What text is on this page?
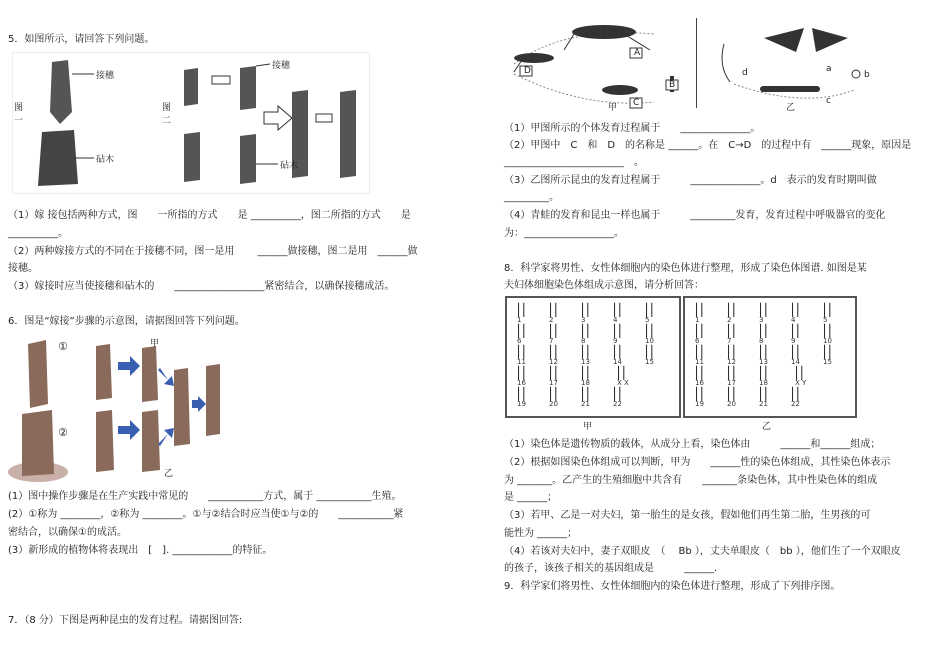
5．如图所示，请回答下列问题。
图一
图二
接穗
砧木
接穗
砧木
（1）嫁 接包括两种方式，图　　一所指的方式　　是 __________，图二所指的方式　　是
__________。
（2）两种嫁接方式的不同在于接穗不同，图一是用　　 ______做接穗，图二是用　______做
接穗。
（3）嫁接时应当使接穗和砧木的　　__________________紧密结合，以确保接穗成活。
6．图是“嫁接”步骤的示意图，请据图回答下列问题。
①
②
甲
乙
(1）图中操作步骤是在生产实践中常见的　　___________方式，属于 ___________生殖。
(2）①称为 ________，②称为 ________。①与②结合时应当使①与②的　　___________紧
密结合，以确保①的成活。
(3）新形成的植物体将表现出　[　]. ____________的特征。
7．（8 分）下图是两种昆虫的发育过程。请据图回答:
A
D
C
B
甲	乙
a
b
c
d
（1）甲图所示的个体发育过程属于　　______________。
（2）甲图中　C　和　D　的名称是 ______。在　C→D　的过程中有　______现象，原因是
________________________　。
（3）乙图所示昆虫的发育过程属于　　　______________。d　表示的发育时期叫做
_________。
（4）青蛙的发育和昆虫一样也属于　　　_________发育，发育过程中呼吸器官的变化
为：__________________。
8．科学家将男性、女性体细胞内的染色体进行整理，形成了染色体图谱. 如图是某
夫妇体细胞染色体组成示意图，请分析回答：
││
1
││
2
││
3
││
4
││
5
││
6
││
7
││
8
││
9
││
10
││
11
││
12
││
13
││
14
││
15
││
16
││
17
││
18
││
19
││
20
││
21
││
22
││
X X
││
1
││
2
││
3
││
4
││
5
││
6
││
7
││
8
││
9
││
10
││
11
││
12
││
13
││
14
││
15
││
16
││
17
││
18
││
19
││
20
││
21
││
22
││
X Y
甲	乙
（1）染色体是遗传物质的载体，从成分上看，染色体由　　　______和______组成；
（2）根据如图染色体组成可以判断，甲为　　______性的染色体组成，其性染色体表示
为 _______。乙产生的生殖细胞中共含有　　_______条染色体，其中性染色体的组成
是 ______；
（3）若甲、乙是一对夫妇，第一胎生的是女孩，假如他们再生第二胎，生男孩的可
能性为 ______；
（4）若该对夫妇中，妻子双眼皮　（　 Bb ），丈夫单眼皮（　bb ），他们生了一个双眼皮
的孩子，该孩子相关的基因组成是　　　______.
9．科学家们将男性、女性体细胞内的染色体进行整理，形成了下列排序图。
